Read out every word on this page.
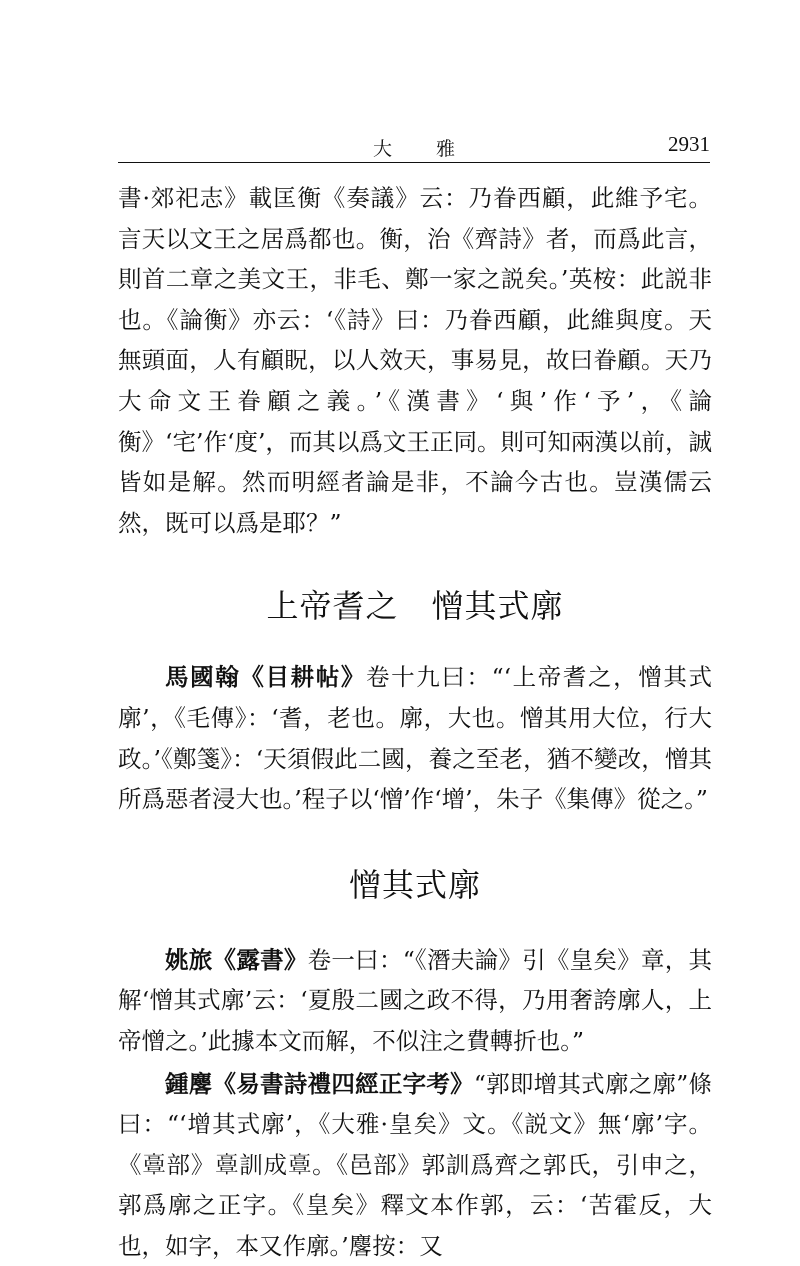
大雅	2931

書·郊祀志》載匡衡《奏議》云：乃眷西顧，此維予宅。言天以文王之居爲都也。衡，治《齊詩》者，而爲此言，則首二章之美文王，非毛、鄭一家之説矣。’英桉：此説非也。《論衡》亦云：‘《詩》曰：乃眷西顧，此維與度。天無頭面，人有顧眖，以人效天，事易見，故曰眷顧。天乃大命文王眷顧之義。’《漢書》‘與’作‘予’，《論衡》‘宅’作‘度’，而其以爲文王正同。則可知兩漢以前，誠皆如是解。然而明經者論是非，不論今古也。豈漢儒云然，既可以爲是耶？”

上帝耆之　憎其式廓

馬國翰《目耕帖》卷十九曰：“‘上帝耆之，憎其式廓’，《毛傳》：‘耆，老也。廓，大也。憎其用大位，行大政。’《鄭箋》：‘天須假此二國，養之至老，猶不變改，憎其所爲惡者浸大也。’程子以‘憎’作‘增’，朱子《集傳》從之。”

憎其式廓

姚旅《露書》卷一曰：“《潛夫論》引《皇矣》章，其解‘憎其式廓’云：‘夏殷二國之政不得，乃用奢誇廓人，上帝憎之。’此據本文而解，不似注之費轉折也。”

鍾麐《易書詩禮四經正字考》“郭即增其式廓之廓”條曰：“‘增其式廓’，《大雅·皇矣》文。《説文》無‘廓’字。《𩫏部》𩫏訓成𩫏。《邑部》郭訓爲齊之郭氏，引申之，郭爲廓之正字。《皇矣》釋文本作郭，云：‘苦霍反，大也，如字，本又作廓。’麐按：又
